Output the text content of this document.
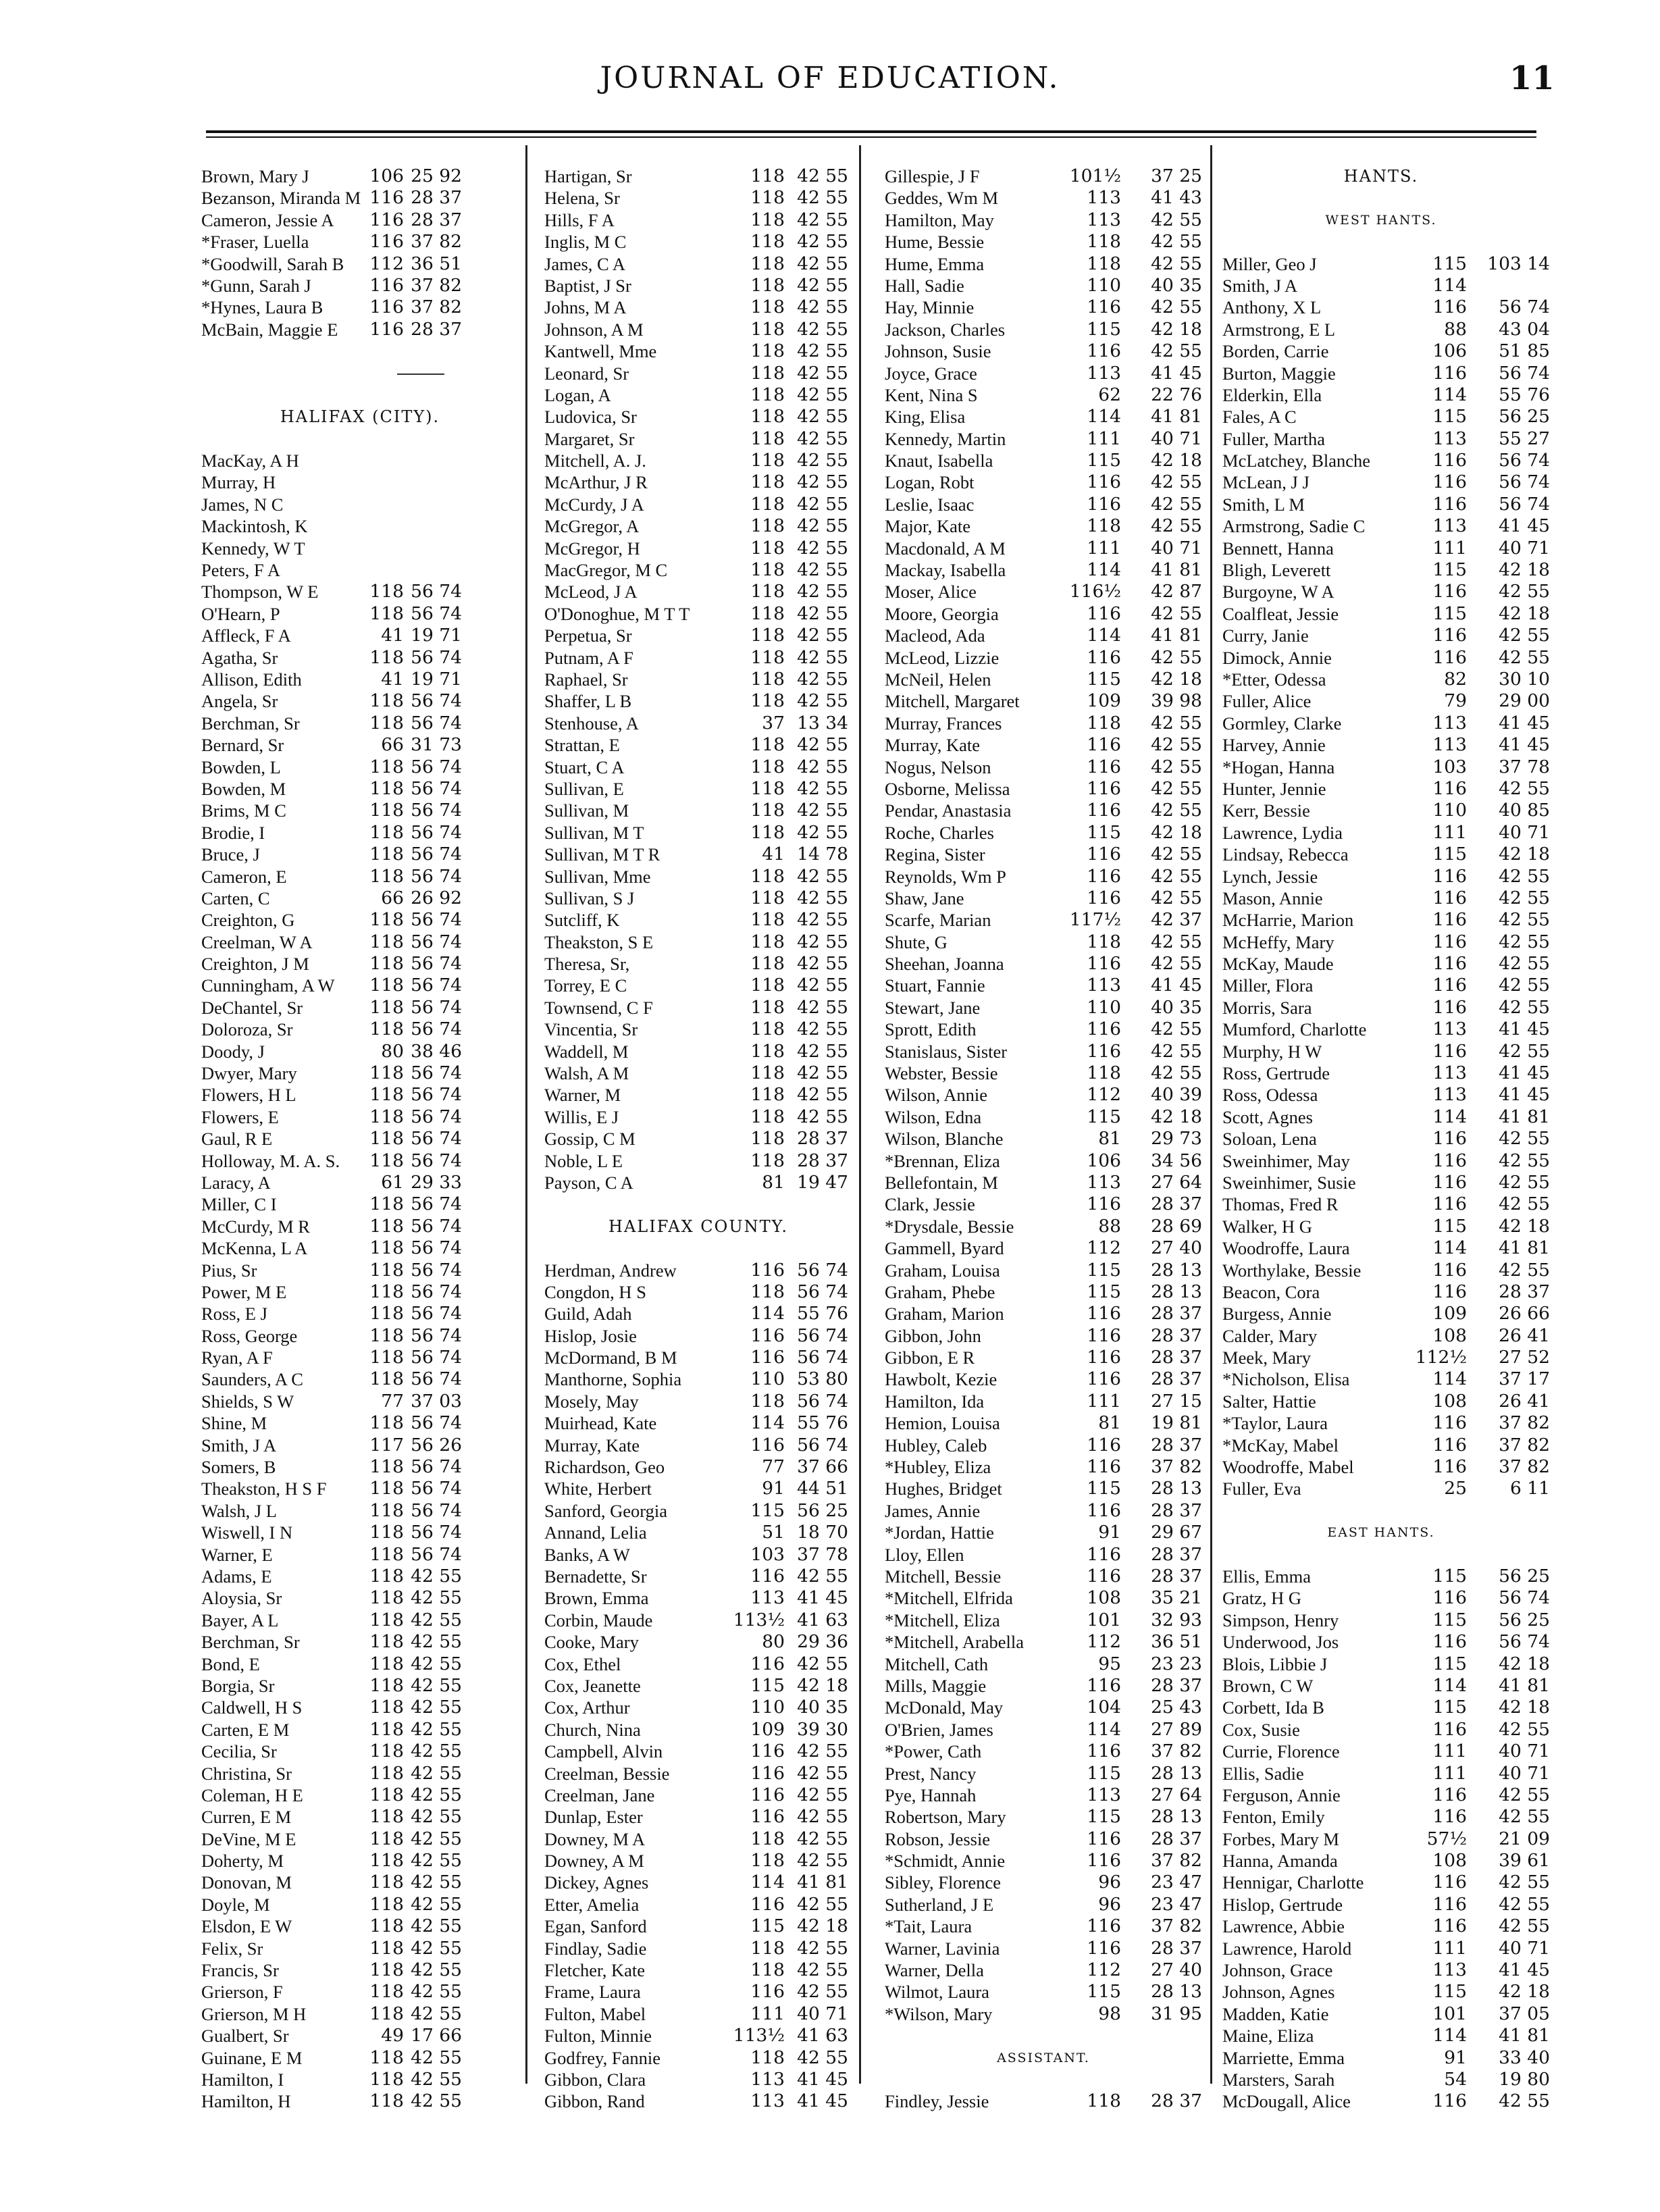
JOURNAL OF EDUCATION.	11
Brown, Mary J	106 25 92
Bezanson, Miranda M 116 28 37
Cameron, Jessie A	116 28 37
*Fraser, Luella	116 37 82
*Goodwill, Sarah B	112 36 51
*Gunn, Sarah J	116 37 82
*Hynes, Laura B	116 37 82
McBain, Maggie E	116 28 37
HALIFAX (CITY).
MacKay, A H
Murray, H
James, N C
Mackintosh, K
Kennedy, W T
Peters, F A
Thompson, W E	118 56 74
O'Hearn, P	118 56 74
Affleck, F A	41 19 71
Agatha, Sr	118 56 74
Allison, Edith	41 19 71
Angela, Sr	118 56 74
Berchman, Sr	118 56 74
Bernard, Sr	66 31 73
Bowden, L	118 56 74
Bowden, M	118 56 74
Brims, M C	118 56 74
Brodie, I	118 56 74
Bruce, J	118 56 74
Cameron, E	118 56 74
Carten, C	66 26 92
Creighton, G	118 56 74
Creelman, W A	118 56 74
Creighton, J M	118 56 74
Cunningham, A W	118 56 74
DeChantel, Sr	118 56 74
Doloroza, Sr	118 56 74
Doody, J	80 38 46
Dwyer, Mary	118 56 74
Flowers, H L	118 56 74
Flowers, E	118 56 74
Gaul, R E	118 56 74
Holloway, M. A. S.	118 56 74
Laracy, A	61 29 33
Miller, C I	118 56 74
McCurdy, M R	118 56 74
McKenna, L A	118 56 74
Pius, Sr	118 56 74
Power, M E	118 56 74
Ross, E J	118 56 74
Ross, George	118 56 74
Ryan, A F	118 56 74
Saunders, A C	118 56 74
Shields, S W	77 37 03
Shine, M	118 56 74
Smith, J A	117 56 26
Somers, B	118 56 74
Theakston, H S F	118 56 74
Walsh, J L	118 56 74
Wiswell, I N	118 56 74
Warner, E	118 56 74
Adams, E	118 42 55
Aloysia, Sr	118 42 55
Bayer, A L	118 42 55
Berchman, Sr	118 42 55
Bond, E	118 42 55
Borgia, Sr	118 42 55
Caldwell, H S	118 42 55
Carten, E M	118 42 55
Cecilia, Sr	118 42 55
Christina, Sr	118 42 55
Coleman, H E	118 42 55
Curren, E M	118 42 55
DeVine, M E	118 42 55
Doherty, M	118 42 55
Donovan, M	118 42 55
Doyle, M	118 42 55
Elsdon, E W	118 42 55
Felix, Sr	118 42 55
Francis, Sr	118 42 55
Grierson, F	118 42 55
Grierson, M H	118 42 55
Gualbert, Sr	49 17 66
Guinane, E M	118 42 55
Hamilton, I	118 42 55
Hamilton, H	118 42 55
Hartigan, Sr	118 42 55
Helena, Sr	118 42 55
Hills, F A	118 42 55
Inglis, M C	118 42 55
James, C A	118 42 55
Baptist, J Sr	118 42 55
Johns, M A	118 42 55
Johnson, A M	118 42 55
Kantwell, Mme	118 42 55
Leonard, Sr	118 42 55
Logan, A	118 42 55
Ludovica, Sr	118 42 55
Margaret, Sr	118 42 55
Mitchell, A. J.	118 42 55
McArthur, J R	118 42 55
McCurdy, J A	118 42 55
McGregor, A	118 42 55
McGregor, H	118 42 55
MacGregor, M C	118 42 55
McLeod, J A	118 42 55
O'Donoghue, M T T	118 42 55
Perpetua, Sr	118 42 55
Putnam, A F	118 42 55
Raphael, Sr	118 42 55
Shaffer, L B	118 42 55
Stenhouse, A	37 13 34
Strattan, E	118 42 55
Stuart, C A	118 42 55
Sullivan, E	118 42 55
Sullivan, M	118 42 55
Sullivan, M T	118 42 55
Sullivan, M T R	41 14 78
Sullivan, Mme	118 42 55
Sullivan, S J	118 42 55
Sutcliff, K	118 42 55
Theakston, S E	118 42 55
Theresa, Sr,	118 42 55
Torrey, E C	118 42 55
Townsend, C F	118 42 55
Vincentia, Sr	118 42 55
Waddell, M	118 42 55
Walsh, A M	118 42 55
Warner, M	118 42 55
Willis, E J	118 42 55
Gossip, C M	118 28 37
Noble, L E	118 28 37
Payson, C A	81 19 47
HALIFAX COUNTY.
Herdman, Andrew	116 56 74
Congdon, H S	118 56 74
Guild, Adah	114 55 76
Hislop, Josie	116 56 74
McDormand, B M	116 56 74
Manthorne, Sophia	110 53 80
Mosely, May	118 56 74
Muirhead, Kate	114 55 76
Murray, Kate	116 56 74
Richardson, Geo	77 37 66
White, Herbert	91 44 51
Sanford, Georgia	115 56 25
Annand, Lelia	51 18 70
Banks, A W	103 37 78
Bernadette, Sr	116 42 55
Brown, Emma	113 41 45
Corbin, Maude	113½ 41 63
Cooke, Mary	80 29 36
Cox, Ethel	116 42 55
Cox, Jeanette	115 42 18
Cox, Arthur	110 40 35
Church, Nina	109 39 30
Campbell, Alvin	116 42 55
Creelman, Bessie	116 42 55
Creelman, Jane	116 42 55
Dunlap, Ester	116 42 55
Downey, M A	118 42 55
Downey, A M	118 42 55
Dickey, Agnes	114 41 81
Etter, Amelia	116 42 55
Egan, Sanford	115 42 18
Findlay, Sadie	118 42 55
Fletcher, Kate	118 42 55
Frame, Laura	116 42 55
Fulton, Mabel	111 40 71
Fulton, Minnie	113½ 41 63
Godfrey, Fannie	118 42 55
Gibbon, Clara	113 41 45
Gibbon, Rand	113 41 45
Gillespie, J F	101½	37 25
Geddes, Wm M	113	41 43
Hamilton, May	113	42 55
Hume, Bessie	118	42 55
Hume, Emma	118	42 55
Hall, Sadie	110	40 35
Hay, Minnie	116	42 55
Jackson, Charles	115	42 18
Johnson, Susie	116	42 55
Joyce, Grace	113	41 45
Kent, Nina S	62	22 76
King, Elisa	114	41 81
Kennedy, Martin	111	40 71
Knaut, Isabella	115	42 18
Logan, Robt	116	42 55
Leslie, Isaac	116	42 55
Major, Kate	118	42 55
Macdonald, A M	111	40 71
Mackay, Isabella	114	41 81
Moser, Alice	116½	42 87
Moore, Georgia	116	42 55
Macleod, Ada	114	41 81
McLeod, Lizzie	116	42 55
McNeil, Helen	115	42 18
Mitchell, Margaret	109	39 98
Murray, Frances	118	42 55
Murray, Kate	116	42 55
Nogus, Nelson	116	42 55
Osborne, Melissa	116	42 55
Pendar, Anastasia	116	42 55
Roche, Charles	115	42 18
Regina, Sister	116	42 55
Reynolds, Wm P	116	42 55
Shaw, Jane	116	42 55
Scarfe, Marian	117½	42 37
Shute, G	118	42 55
Sheehan, Joanna	116	42 55
Stuart, Fannie	113	41 45
Stewart, Jane	110	40 35
Sprott, Edith	116	42 55
Stanislaus, Sister	116	42 55
Webster, Bessie	118	42 55
Wilson, Annie	112	40 39
Wilson, Edna	115	42 18
Wilson, Blanche	81	29 73
*Brennan, Eliza	106	34 56
Bellefontain, M	113	27 64
Clark, Jessie	116	28 37
*Drysdale, Bessie	88	28 69
Gammell, Byard	112	27 40
Graham, Louisa	115	28 13
Graham, Phebe	115	28 13
Graham, Marion	116	28 37
Gibbon, John	116	28 37
Gibbon, E R	116	28 37
Hawbolt, Kezie	116	28 37
Hamilton, Ida	111	27 15
Hemion, Louisa	81	19 81
Hubley, Caleb	116	28 37
*Hubley, Eliza	116	37 82
Hughes, Bridget	115	28 13
James, Annie	116	28 37
*Jordan, Hattie	91	29 67
Lloy, Ellen	116	28 37
Mitchell, Bessie	116	28 37
*Mitchell, Elfrida	108	35 21
*Mitchell, Eliza	101	32 93
*Mitchell, Arabella	112	36 51
Mitchell, Cath	95	23 23
Mills, Maggie	116	28 37
McDonald, May	104	25 43
O'Brien, James	114	27 89
*Power, Cath	116	37 82
Prest, Nancy	115	28 13
Pye, Hannah	113	27 64
Robertson, Mary	115	28 13
Robson, Jessie	116	28 37
*Schmidt, Annie	116	37 82
Sibley, Florence	96	23 47
Sutherland, J E	96	23 47
*Tait, Laura	116	37 82
Warner, Lavinia	116	28 37
Warner, Della	112	27 40
Wilmot, Laura	115	28 13
*Wilson, Mary	98	31 95
ASSISTANT.
Findley, Jessie	118	28 37
HANTS.
WEST HANTS.
Miller, Geo J	115 103 14
Smith, J A	114
Anthony, X L	116	56 74
Armstrong, E L	88	43 04
Borden, Carrie	106	51 85
Burton, Maggie	116	56 74
Elderkin, Ella	114	55 76
Fales, A C	115	56 25
Fuller, Martha	113	55 27
McLatchey, Blanche	116	56 74
McLean, J J	116	56 74
Smith, L M	116	56 74
Armstrong, Sadie C	113	41 45
Bennett, Hanna	111	40 71
Bligh, Leverett	115	42 18
Burgoyne, W A	116	42 55
Coalfleat, Jessie	115	42 18
Curry, Janie	116	42 55
Dimock, Annie	116	42 55
*Etter, Odessa	82	30 10
Fuller, Alice	79	29 00
Gormley, Clarke	113	41 45
Harvey, Annie	113	41 45
*Hogan, Hanna	103	37 78
Hunter, Jennie	116	42 55
Kerr, Bessie	110	40 85
Lawrence, Lydia	111	40 71
Lindsay, Rebecca	115	42 18
Lynch, Jessie	116	42 55
Mason, Annie	116	42 55
McHarrie, Marion	116	42 55
McHeffy, Mary	116	42 55
McKay, Maude	116	42 55
Miller, Flora	116	42 55
Morris, Sara	116	42 55
Mumford, Charlotte	113	41 45
Murphy, H W	116	42 55
Ross, Gertrude	113	41 45
Ross, Odessa	113	41 45
Scott, Agnes	114	41 81
Soloan, Lena	116	42 55
Sweinhimer, May	116	42 55
Sweinhimer, Susie	116	42 55
Thomas, Fred R	116	42 55
Walker, H G	115	42 18
Woodroffe, Laura	114	41 81
Worthylake, Bessie	116	42 55
Beacon, Cora	116	28 37
Burgess, Annie	109	26 66
Calder, Mary	108	26 41
Meek, Mary	112½	27 52
*Nicholson, Elisa	114	37 17
Salter, Hattie	108	26 41
*Taylor, Laura	116	37 82
*McKay, Mabel	116	37 82
Woodroffe, Mabel	116	37 82
Fuller, Eva	25	6 11
EAST HANTS.
Ellis, Emma	115	56 25
Gratz, H G	116	56 74
Simpson, Henry	115	56 25
Underwood, Jos	116	56 74
Blois, Libbie J	115	42 18
Brown, C W	114	41 81
Corbett, Ida B	115	42 18
Cox, Susie	116	42 55
Currie, Florence	111	40 71
Ellis, Sadie	111	40 71
Ferguson, Annie	116	42 55
Fenton, Emily	116	42 55
Forbes, Mary M	57½	21 09
Hanna, Amanda	108	39 61
Hennigar, Charlotte	116	42 55
Hislop, Gertrude	116	42 55
Lawrence, Abbie	116	42 55
Lawrence, Harold	111	40 71
Johnson, Grace	113	41 45
Johnson, Agnes	115	42 18
Madden, Katie	101	37 05
Maine, Eliza	114	41 81
Marriette, Emma	91	33 40
Marsters, Sarah	54	19 80
McDougall, Alice	116	42 55
